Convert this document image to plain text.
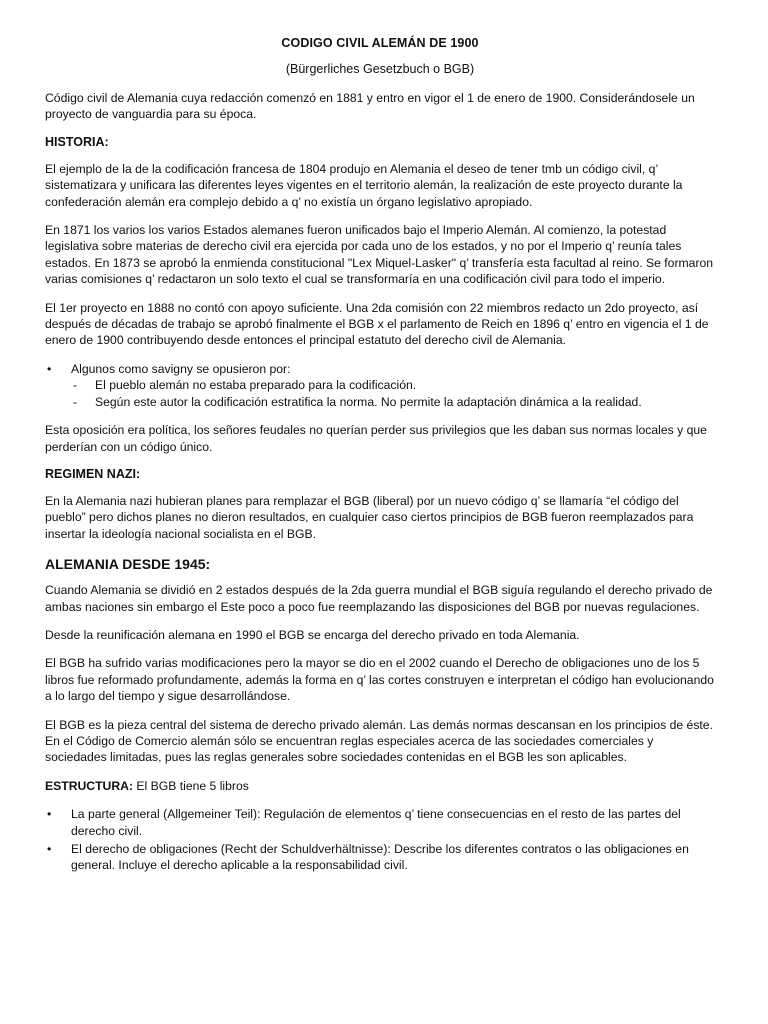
CODIGO CIVIL ALEMÁN DE 1900
(Bürgerliches Gesetzbuch o BGB)

Código civil de Alemania cuya redacción comenzó en 1881 y entro en vigor el 1 de enero de 1900. Considerándosele un proyecto de vanguardia para su época.

HISTORIA:

El ejemplo de la de la codificación francesa de 1804 produjo en Alemania el deseo de tener tmb un código civil, q’ sistematizara y unificara las diferentes leyes vigentes en el territorio alemán, la realización de este proyecto durante la confederación alemán era complejo debido a q’ no existía un órgano legislativo apropiado.

En 1871 los varios los varios Estados alemanes fueron unificados bajo el Imperio Alemán. Al comienzo, la potestad legislativa sobre materias de derecho civil era ejercida por cada uno de los estados, y no por el Imperio q’ reunía tales estados. En 1873 se aprobó la enmienda constitucional "Lex Miquel-Lasker" q’ transfería esta facultad al reino. Se formaron varias comisiones q’ redactaron un solo texto el cual se transformaría en una codificación civil para todo el imperio.

El 1er proyecto en 1888 no contó con apoyo suficiente. Una 2da comisión con 22 miembros redacto un 2do proyecto, así después de décadas de trabajo se aprobó finalmente el BGB x el parlamento de Reich en 1896 q’ entro en vigencia el 1 de enero de 1900 contribuyendo desde entonces el principal estatuto del derecho civil de Alemania.

• Algunos como savigny se opusieron por:
- El pueblo alemán no estaba preparado para la codificación.
- Según este autor la codificación estratifica la norma. No permite la adaptación dinámica a la realidad.

Esta oposición era política, los señores feudales no querían perder sus privilegios que les daban sus normas locales y que perderían con un código único.

REGIMEN NAZI:

En la Alemania nazi hubieran planes para remplazar el BGB (liberal) por un nuevo código q’ se llamaría “el código del pueblo” pero dichos planes no dieron resultados, en cualquier caso ciertos principios de BGB fueron reemplazados para insertar la ideología nacional socialista en el BGB.

ALEMANIA DESDE 1945:

Cuando Alemania se dividió en 2 estados después de la 2da guerra mundial el BGB siguía regulando el derecho privado de ambas naciones sin embargo el Este poco a poco fue reemplazando las disposiciones del BGB por nuevas regulaciones.

Desde la reunificación alemana en 1990 el BGB se encarga del derecho privado en toda Alemania.

El BGB ha sufrido varias modificaciones pero la mayor se dio en el 2002 cuando el Derecho de obligaciones uno de los 5 libros fue reformado profundamente, además la forma en q’ las cortes construyen e interpretan el código han evolucionando a lo largo del tiempo y sigue desarrollándose.

El BGB es la pieza central del sistema de derecho privado alemán. Las demás normas descansan en los principios de éste. En el Código de Comercio alemán sólo se encuentran reglas especiales acerca de las sociedades comerciales y sociedades limitadas, pues las reglas generales sobre sociedades contenidas en el BGB les son aplicables.

ESTRUCTURA: El BGB tiene 5 libros

• La parte general (Allgemeiner Teil): Regulación de elementos q’ tiene consecuencias en el resto de las partes del derecho civil.
• El derecho de obligaciones (Recht der Schuldverhältnisse): Describe los diferentes contratos o las obligaciones en general. Incluye el derecho aplicable a la responsabilidad civil.
